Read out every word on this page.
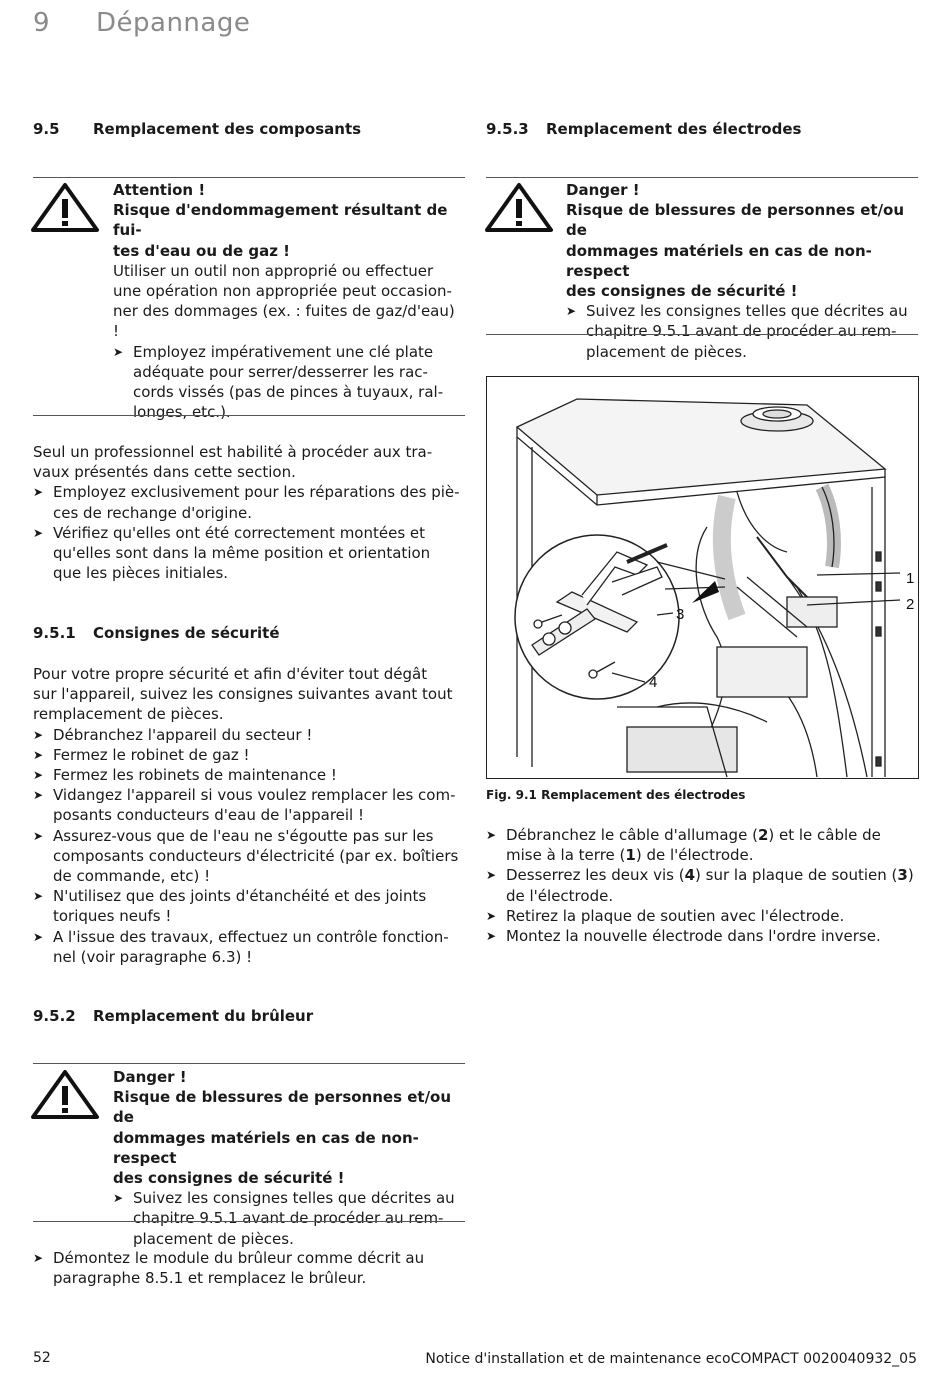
9 Dépannage
9.5 Remplacement des composants
Attention !
Risque d'endommagement résultant de fui-
tes d'eau ou de gaz !
Utiliser un outil non approprié ou effectuer
une opération non appropriée peut occasion-
ner des dommages (ex. : fuites de gaz/d'eau)
!
➤ Employez impérativement une clé plate
adéquate pour serrer/desserrer les rac-
cords vissés (pas de pinces à tuyaux, ral-
longes, etc.).
Seul un professionnel est habilité à procéder aux tra-
vaux présentés dans cette section.
➤ Employez exclusivement pour les réparations des piè-
ces de rechange d'origine.
➤ Vérifiez qu'elles ont été correctement montées et
qu'elles sont dans la même position et orientation
que les pièces initiales.
9.5.1 Consignes de sécurité
Pour votre propre sécurité et afin d'éviter tout dégât
sur l'appareil, suivez les consignes suivantes avant tout
remplacement de pièces.
➤ Débranchez l'appareil du secteur !
➤ Fermez le robinet de gaz !
➤ Fermez les robinets de maintenance !
➤ Vidangez l'appareil si vous voulez remplacer les com-
posants conducteurs d'eau de l'appareil !
➤ Assurez-vous que de l'eau ne s'égoutte pas sur les
composants conducteurs d'électricité (par ex. boîtiers
de commande, etc) !
➤ N'utilisez que des joints d'étanchéité et des joints
toriques neufs !
➤ A l'issue des travaux, effectuez un contrôle fonction-
nel (voir paragraphe 6.3) !
9.5.2 Remplacement du brûleur
Danger !
Risque de blessures de personnes et/ou de
dommages matériels en cas de non-respect
des consignes de sécurité !
➤ Suivez les consignes telles que décrites au
chapitre 9.5.1 avant de procéder au rem-
placement de pièces.
➤ Démontez le module du brûleur comme décrit au
paragraphe 8.5.1 et remplacez le brûleur.
9.5.3 Remplacement des électrodes
Danger !
Risque de blessures de personnes et/ou de
dommages matériels en cas de non-respect
des consignes de sécurité !
➤ Suivez les consignes telles que décrites au
chapitre 9.5.1 avant de procéder au rem-
placement de pièces.
1
2
3
4
Fig. 9.1 Remplacement des électrodes
➤ Débranchez le câble d'allumage (2) et le câble de
mise à la terre (1) de l'électrode.
➤ Desserrez les deux vis (4) sur la plaque de soutien (3)
de l'électrode.
➤ Retirez la plaque de soutien avec l'électrode.
➤ Montez la nouvelle électrode dans l'ordre inverse.
52	Notice d'installation et de maintenance ecoCOMPACT 0020040932_05
